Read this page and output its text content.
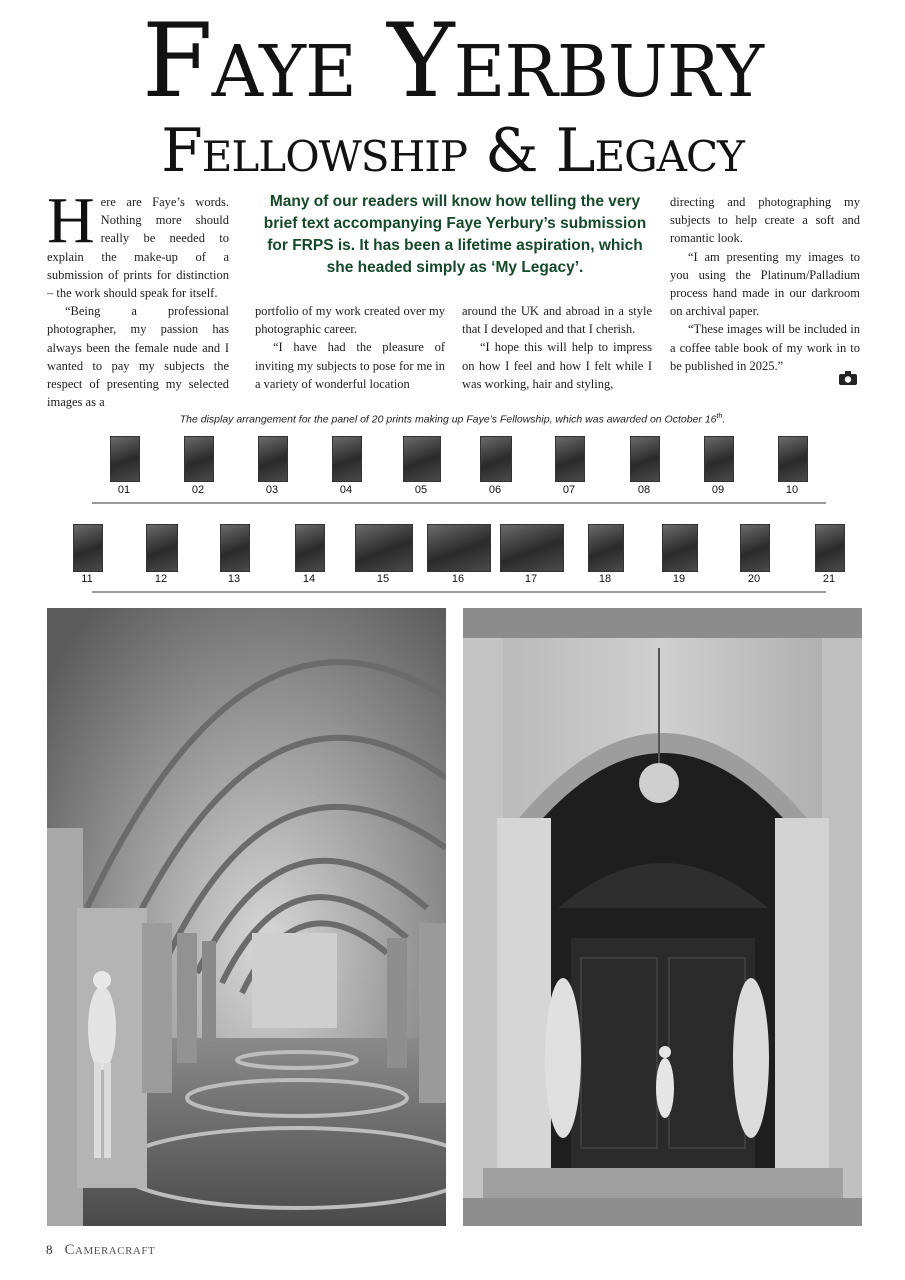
Faye Yerbury
Fellowship & Legacy

Here are Faye’s words. Nothing more should really be needed to explain the make-up of a submission of prints for distinction – the work should speak for itself.

“Being a professional photographer, my passion has always been the female nude and I wanted to pay my subjects the respect of presenting my selected images as a

Many of our readers will know how telling the very brief text accompanying Faye Yerbury’s submission for FRPS is. It has been a lifetime aspiration, which she headed simply as ‘My Legacy’.

portfolio of my work created over my photographic career.

“I have had the pleasure of inviting my subjects to pose for me in a variety of wonderful location

around the UK and abroad in a style that I developed and that I cherish.

“I hope this will help to impress on how I feel and how I felt while I was working, hair and styling,

directing and photographing my subjects to help create a soft and romantic look.

“I am presenting my images to you using the Platinum/Palladium process hand made in our darkroom on archival paper.

“These images will be included in a coffee table book of my work in to be published in 2025.”

The display arrangement for the panel of 20 prints making up Faye’s Fellowship, which was awarded on October 16th.
01	02	03	04	05	06	07	08	09	10
11	12	13	14	15	16	17	18	19	20	21
8 Cameracraft
